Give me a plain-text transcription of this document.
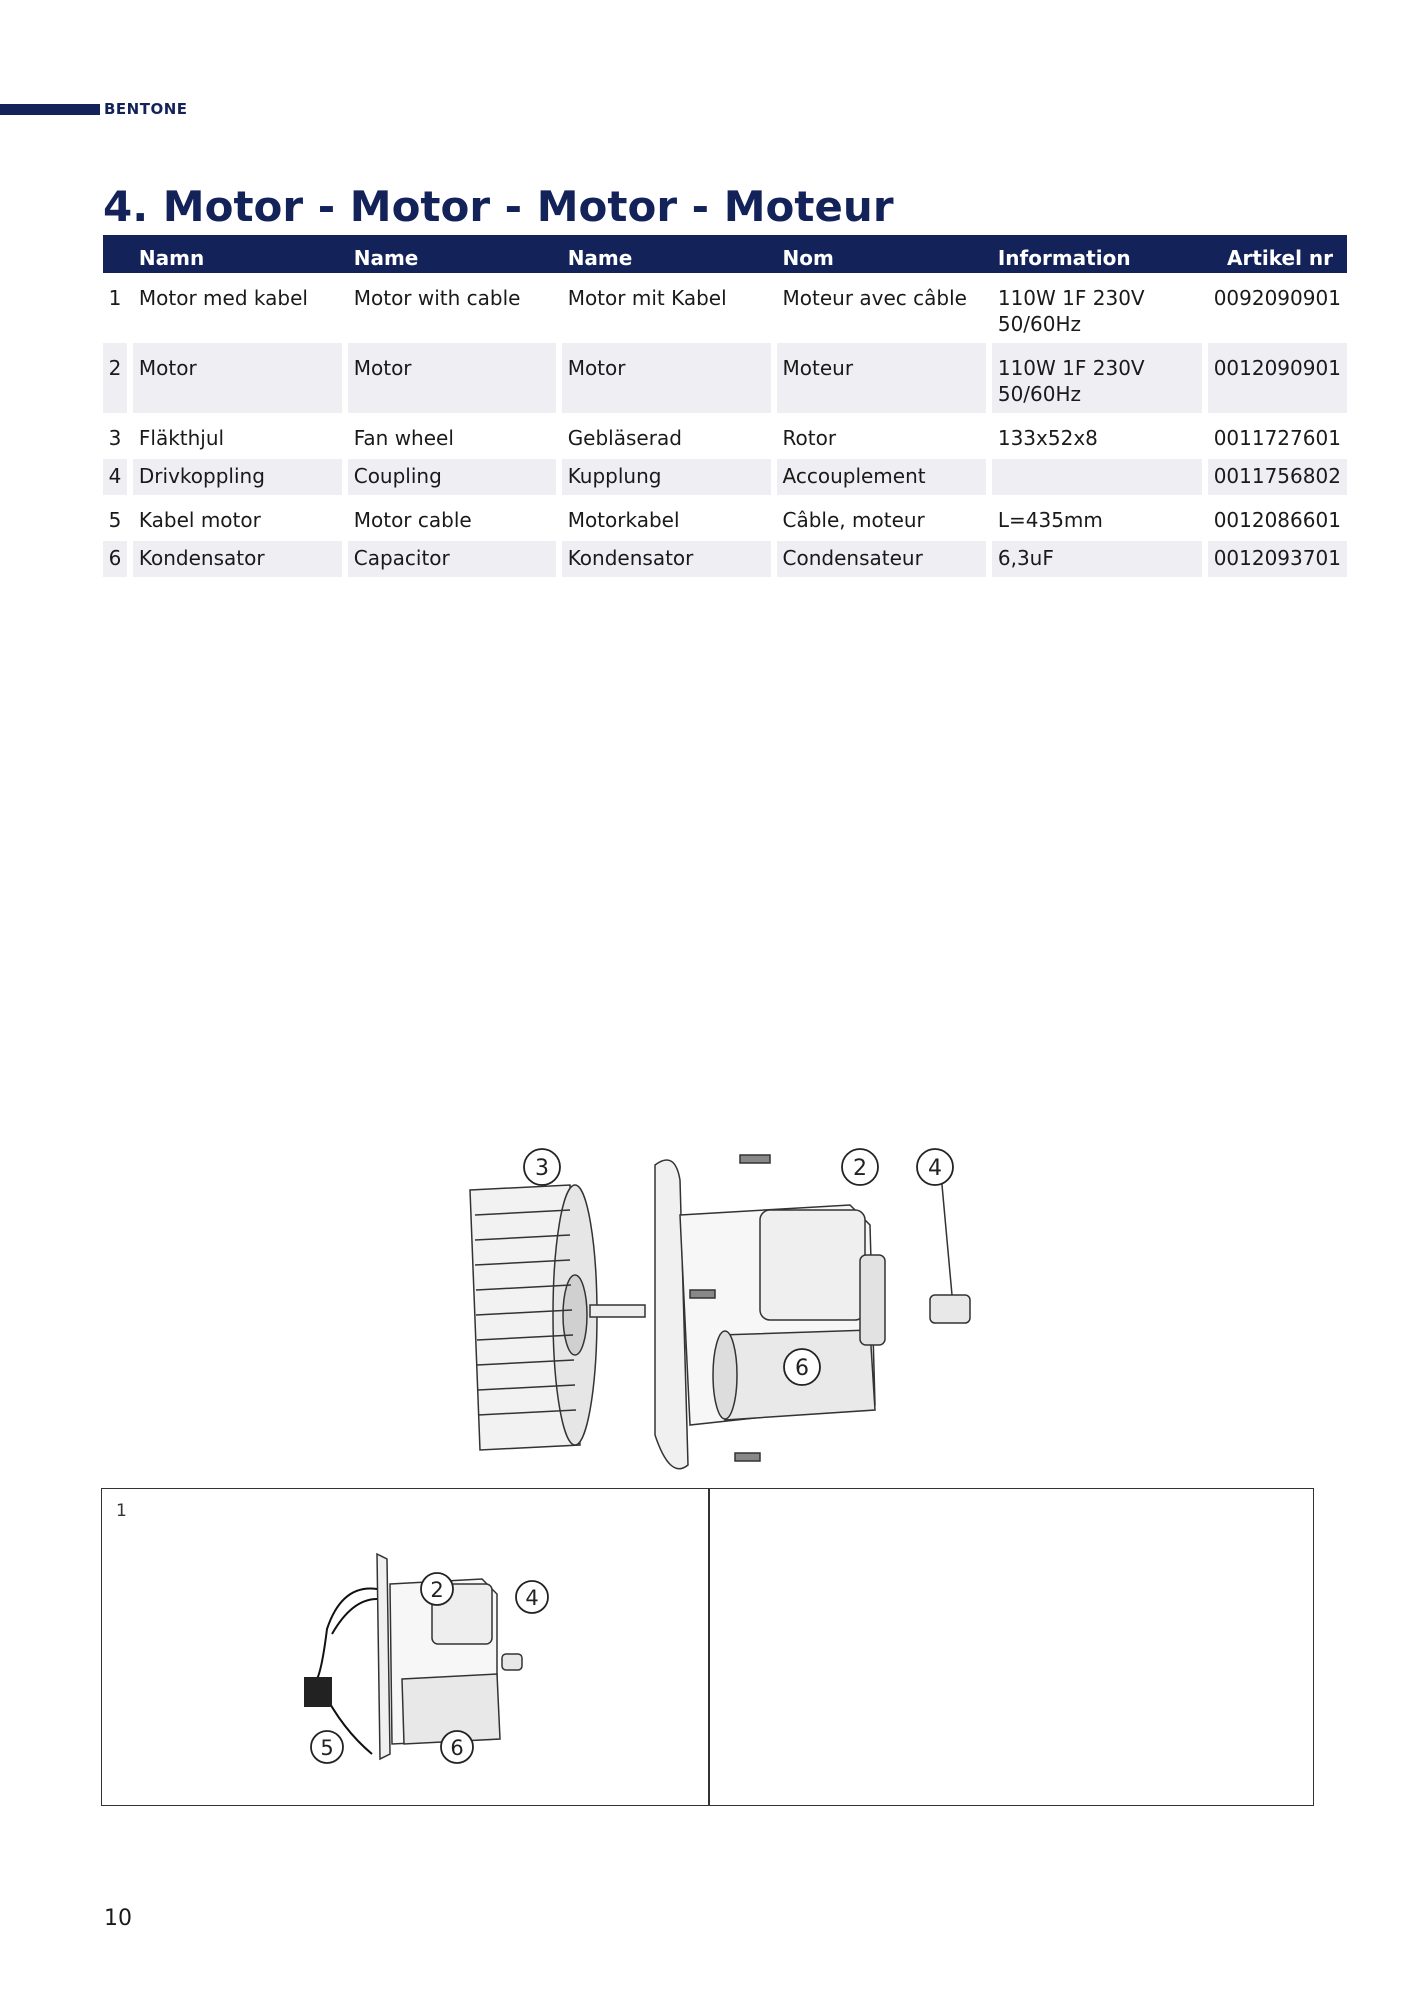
BENTONE
4. Motor - Motor - Motor - Moteur
	Namn	Name	Name	Nom	Information	Artikel nr
1	Motor med kabel	Motor with cable	Motor mit Kabel	Moteur avec câble	110W 1F 230V 50/60Hz	0092090901
2	Motor	Motor	Motor	Moteur	110W 1F 230V 50/60Hz	0012090901
3	Fläkthjul	Fan wheel	Gebläserad	Rotor	133x52x8	0011727601
4	Drivkoppling	Coupling	Kupplung	Accouplement		0011756802
5	Kabel motor	Motor cable	Motorkabel	Câble, moteur	L=435mm	0012086601
6	Kondensator	Capacitor	Kondensator	Condensateur	6,3uF	0012093701
3	2	4
6
1
2	4
5	6
10
